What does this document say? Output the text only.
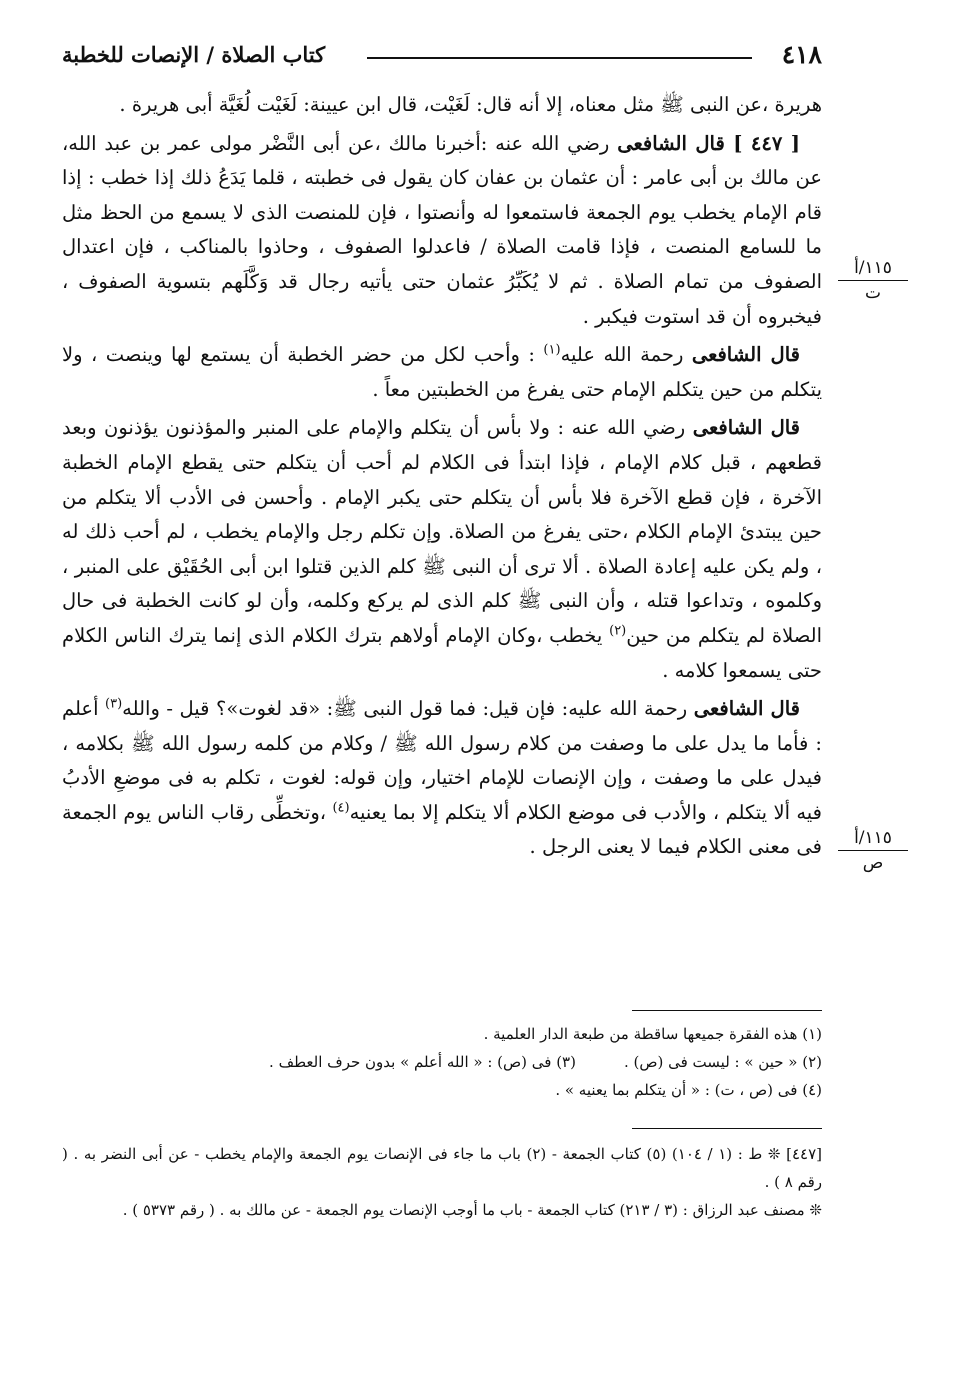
٤١٨
كتاب الصلاة / الإنصات للخطبة
١١٥/أ
ت
١١٥/أ
ص

هريرة ،عن النبى ﷺ مثل معناه، إلا أنه قال: لَغَيْت، قال ابن عيينة: لَغَيْت لُغَيَّة أبى هريرة .

[ ٤٤٧ ] قال الشافعى رضي الله عنه :أخبرنا مالك ،عن أبى النَّضْر مولى عمر بن عبد الله، عن مالك بن أبى عامر : أن عثمان بن عفان كان يقول فى خطبته ، قلما يَدَعُ ذلك إذا خطب : إذا قام الإمام يخطب يوم الجمعة فاستمعوا له وأنصتوا ، فإن للمنصت الذى لا يسمع من الحظ مثل ما للسامع المنصت ، فإذا قامت الصلاة / فاعدلوا الصفوف ، وحاذوا بالمناكب ، فإن اعتدال الصفوف من تمام الصلاة . ثم لا يُكَبِّرُ عثمان حتى يأتيه رجال قد وَكَّلَهم بتسوية الصفوف ، فيخبروه أن قد استوت فيكبر .

قال الشافعى رحمة الله عليه$^{(١)}$ : وأحب لكل من حضر الخطبة أن يستمع لها وينصت ، ولا يتكلم من حين يتكلم الإمام حتى يفرغ من الخطبتين معاً .

قال الشافعى رضي الله عنه : ولا بأس أن يتكلم والإمام على المنبر والمؤذنون يؤذنون وبعد قطعهم ، قبل كلام الإمام ، فإذا ابتدأ فى الكلام لم أحب أن يتكلم حتى يقطع الإمام الخطبة الآخرة ، فإن قطع الآخرة فلا بأس أن يتكلم حتى يكبر الإمام . وأحسن فى الأدب ألا يتكلم من حين يبتدئ الإمام الكلام ،حتى يفرغ من الصلاة. وإن تكلم رجل والإمام يخطب ، لم أحب ذلك له ، ولم يكن عليه إعادة الصلاة . ألا ترى أن النبى ﷺ كلم الذين قتلوا ابن أبى الحُقَيْق على المنبر ، وكلموه ، وتداعوا قتله ، وأن النبى ﷺ كلم الذى لم يركع وكلمه، وأن لو كانت الخطبة فى حال الصلاة لم يتكلم من حين$^{(٢)}$ يخطب ،وكان الإمام أولاهم بترك الكلام الذى إنما يترك الناس الكلام حتى يسمعوا كلامه .

قال الشافعى رحمة الله عليه: فإن قيل: فما قول النبى ﷺ: «قد لغوت»؟ قيل - والله$^{(٣)}$ أعلم : فأما ما يدل على ما وصفت من كلام رسول الله ﷺ / وكلام من كلمه رسول الله ﷺ بكلامه ، فيدل على ما وصفت ، وإن الإنصات للإمام اختيار، وإن قوله: لغوت ، تكلم به فى موضعِ الأدبُ فيه ألا يتكلم ، والأدب فى موضع الكلام ألا يتكلم إلا بما يعنيه$^{(٤)}$ ،وتخطِّى رقاب الناس يوم الجمعة فى معنى الكلام فيما لا يعنى الرجل .

(١) هذه الفقرة جميعها ساقطة من طبعة الدار العلمية .
(٢) « حين » : ليست فى (ص) .(٣) فى (ص) : « الله أعلم » بدون حرف العطف .
(٤) فى (ص ، ت) : « أن يتكلم بما يعنيه » .

[٤٤٧] ❊ ط : (١ / ١٠٤) (٥) كتاب الجمعة - (٢) باب ما جاء فى الإنصات يوم الجمعة والإمام يخطب - عن أبى النضر به . ( رقم ٨ ) .

❊ مصنف عبد الرزاق : (٣ / ٢١٣) كتاب الجمعة - باب ما أوجب الإنصات يوم الجمعة - عن مالك به . ( رقم ٥٣٧٣ ) .
